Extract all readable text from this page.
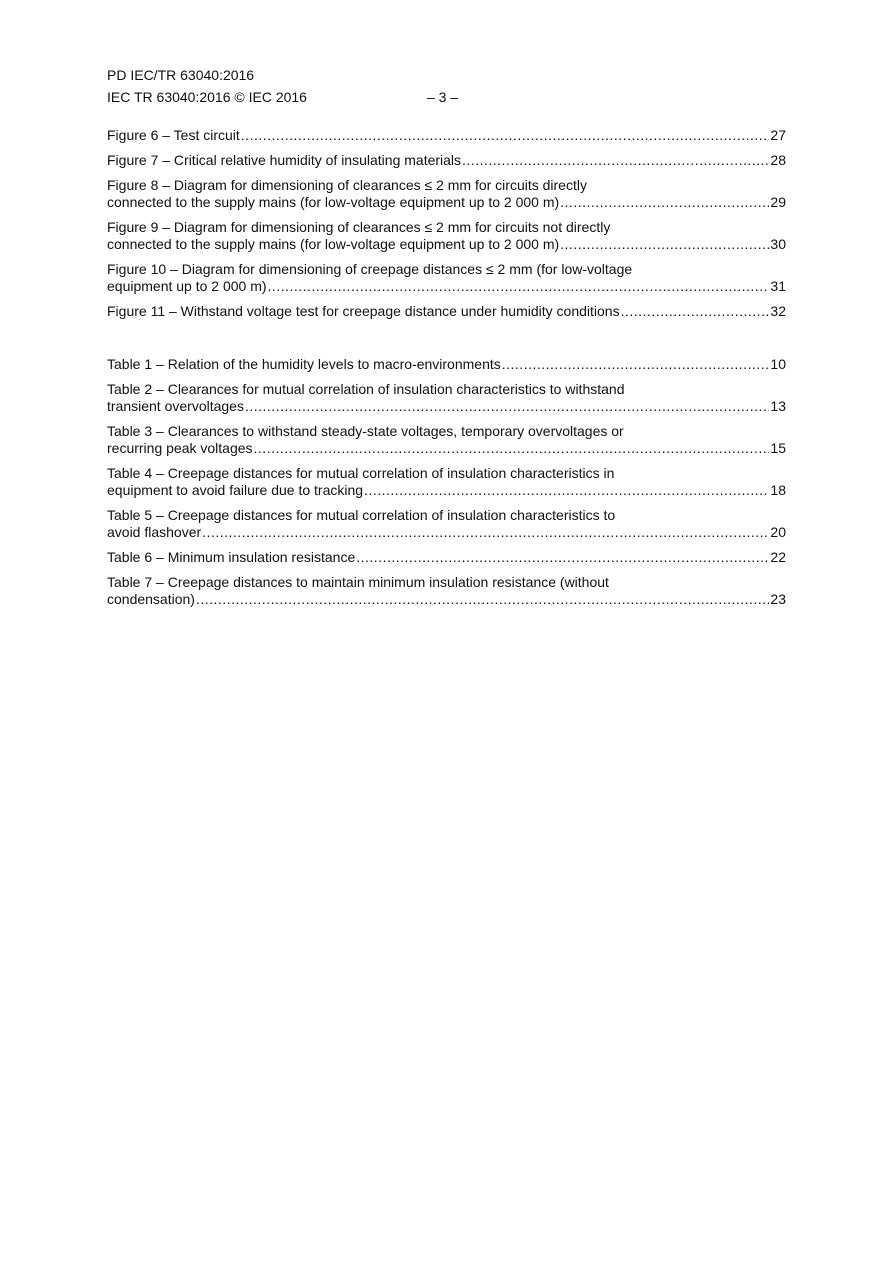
PD IEC/TR 63040:2016
IEC TR 63040:2016 © IEC 2016	– 3 –
Figure 6 – Test circuit .....	27
Figure 7 – Critical relative humidity of insulating materials .....	28
Figure 8 – Diagram for dimensioning of clearances ≤ 2 mm for circuits directly
connected to the supply mains (for low-voltage equipment up to 2 000 m) .....	29
Figure 9 – Diagram for dimensioning of clearances ≤ 2 mm for circuits not directly
connected to the supply mains (for low-voltage equipment up to 2 000 m) .....	30
Figure 10 – Diagram for dimensioning of creepage distances ≤ 2 mm (for low-voltage
equipment up to 2 000 m) .....	31
Figure 11 – Withstand voltage test for creepage distance under humidity conditions .....	32
Table 1 – Relation of the humidity levels to macro-environments .....	10
Table 2 – Clearances for mutual correlation of insulation characteristics to withstand
transient overvoltages .....	13
Table 3 – Clearances to withstand steady-state voltages, temporary overvoltages or
recurring peak voltages .....	15
Table 4 – Creepage distances for mutual correlation of insulation characteristics in
equipment to avoid failure due to tracking .....	18
Table 5 – Creepage distances for mutual correlation of insulation characteristics to
avoid flashover .....	20
Table 6 – Minimum insulation resistance .....	22
Table 7 – Creepage distances to maintain minimum insulation resistance (without
condensation) .....	23
